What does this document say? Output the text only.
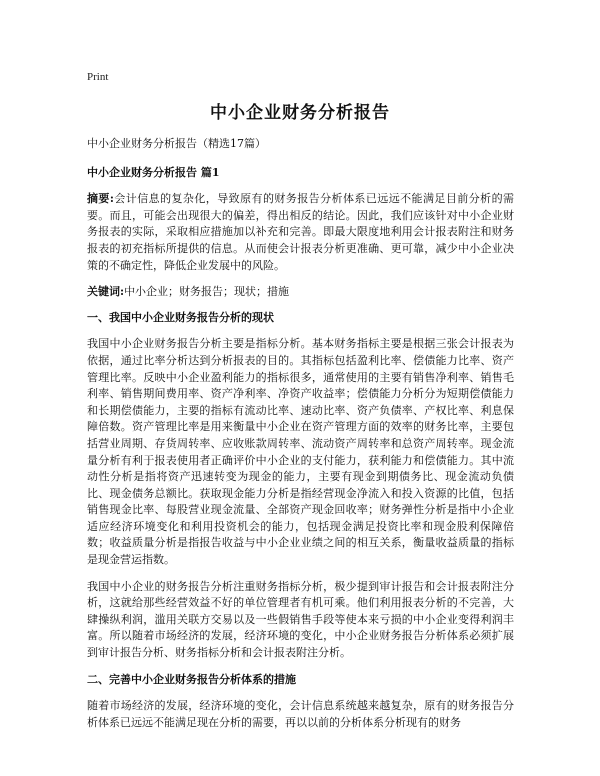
Print
中小企业财务分析报告

中小企业财务分析报告（精选17篇）

中小企业财务分析报告 篇1

摘要:会计信息的复杂化，导致原有的财务报告分析体系已远远不能满足目前分析的需要。而且，可能会出现很大的偏差，得出相反的结论。因此，我们应该针对中小企业财务报表的实际，采取相应措施加以补充和完善。即最大限度地利用会计报表附注和财务报表的初充指标所提供的信息。从而使会计报表分析更准确、更可靠，减少中小企业决策的不确定性，降低企业发展中的风险。

关键词:中小企业；财务报告；现状；措施

一、我国中小企业财务报告分析的现状

我国中小企业财务报告分析主要是指标分析。基本财务指标主要是根据三张会计报表为依据，通过比率分析达到分析报表的目的。其指标包括盈利比率、偿债能力比率、资产管理比率。反映中小企业盈利能力的指标很多，通常使用的主要有销售净利率、销售毛利率、销售期间费用率、资产净利率、净资产收益率；偿债能力分析分为短期偿债能力和长期偿债能力，主要的指标有流动比率、速动比率、资产负债率、产权比率、利息保障倍数。资产管理比率是用来衡量中小企业在资产管理方面的效率的财务比率，主要包括营业周期、存货周转率、应收账款周转率、流动资产周转率和总资产周转率。现金流量分析有利于报表使用者正确评价中小企业的支付能力，获利能力和偿债能力。其中流动性分析是指将资产迅速转变为现金的能力，主要有现金到期债务比、现金流动负债比、现金债务总额比。获取现金能力分析是指经营现金净流入和投入资源的比值，包括销售现金比率、每股营业现金流量、全部资产现金回收率；财务弹性分析是指中小企业适应经济环境变化和利用投资机会的能力，包括现金满足投资比率和现金股利保障倍数；收益质量分析是指报告收益与中小企业业绩之间的相互关系，衡量收益质量的指标是现金营运指数。

我国中小企业的财务报告分析注重财务指标分析，极少提到审计报告和会计报表附注分析，这就给那些经营效益不好的单位管理者有机可乘。他们利用报表分析的不完善，大肆操纵利润，滥用关联方交易以及一些假销售手段等使本来亏损的中小企业变得利润丰富。所以随着市场经济的发展，经济环境的变化，中小企业财务报告分析体系必须扩展到审计报告分析、财务指标分析和会计报表附注分析。

二、完善中小企业财务报告分析体系的措施

随着市场经济的发展，经济环境的变化，会计信息系统越来越复杂，原有的财务报告分析体系已远远不能满足现在分析的需要，再以以前的分析体系分析现有的财务
